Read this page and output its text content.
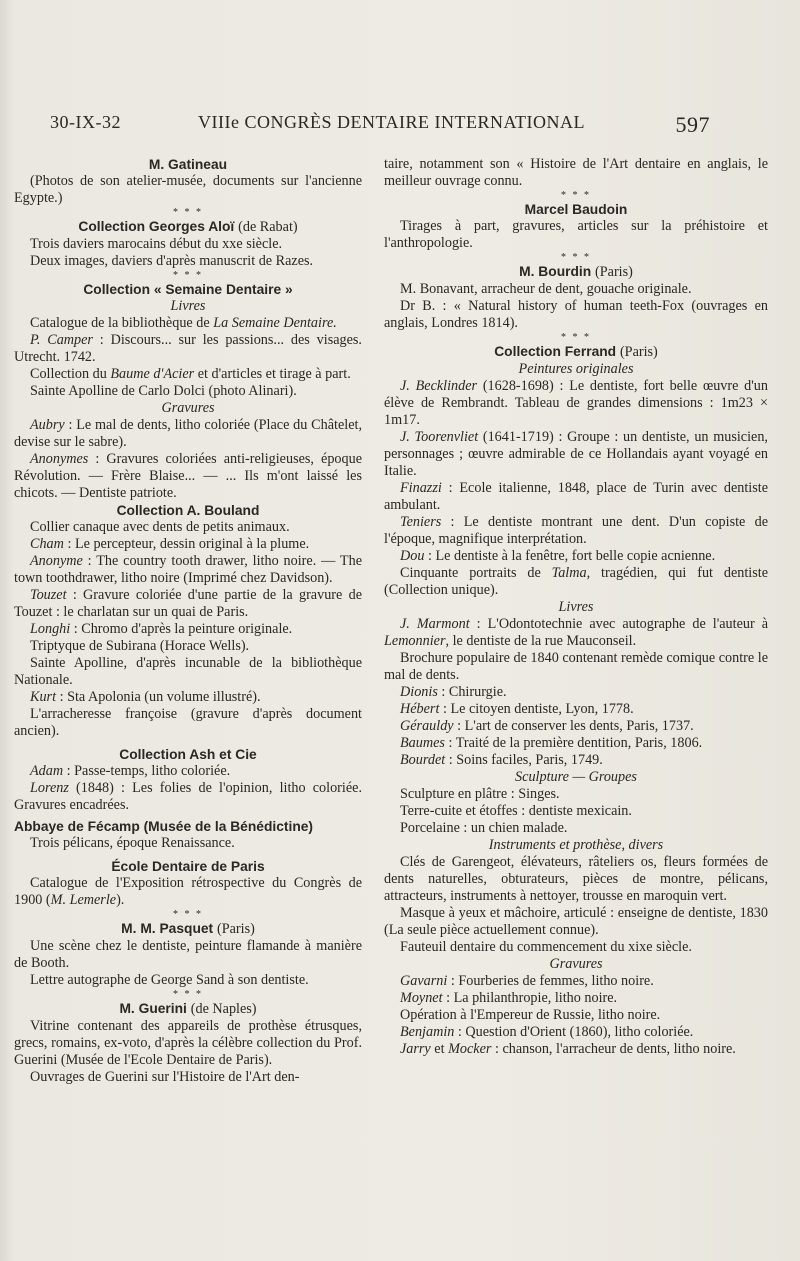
30-IX-32	VIIIe CONGRÈS DENTAIRE INTERNATIONAL	597

M. Gatineau

(Photos de son atelier-musée, documents sur l'ancienne Egypte.)

* * *

Collection Georges Aloï (de Rabat)

Trois daviers marocains début du xxe siècle.

Deux images, daviers d'après manuscrit de Razes.

* * *

Collection « Semaine Dentaire »

Livres

Catalogue de la bibliothèque de La Semaine Dentaire.

P. Camper : Discours... sur les passions... des visages. Utrecht. 1742.

Collection du Baume d'Acier et d'articles et tirage à part.

Sainte Apolline de Carlo Dolci (photo Alinari).

Gravures

Aubry : Le mal de dents, litho coloriée (Place du Châtelet, devise sur le sabre).

Anonymes : Gravures coloriées anti-religieuses, époque Révolution. — Frère Blaise... — ... Ils m'ont laissé les chicots. — Dentiste patriote.

Collection A. Bouland

Collier canaque avec dents de petits animaux.

Cham : Le percepteur, dessin original à la plume.

Anonyme : The country tooth drawer, litho noire. — The town toothdrawer, litho noire (Imprimé chez Davidson).

Touzet : Gravure coloriée d'une partie de la gravure de Touzet : le charlatan sur un quai de Paris.

Longhi : Chromo d'après la peinture originale.

Triptyque de Subirana (Horace Wells).

Sainte Apolline, d'après incunable de la bibliothèque Nationale.

Kurt : Sta Apolonia (un volume illustré).

L'arracheresse françoise (gravure d'après document ancien).

Collection Ash et Cie

Adam : Passe-temps, litho coloriée.

Lorenz (1848) : Les folies de l'opinion, litho coloriée. Gravures encadrées.

Abbaye de Fécamp (Musée de la Bénédictine)

Trois pélicans, époque Renaissance.

École Dentaire de Paris

Catalogue de l'Exposition rétrospective du Congrès de 1900 (M. Lemerle).

* * *

M. M. Pasquet (Paris)

Une scène chez le dentiste, peinture flamande à manière de Booth.

Lettre autographe de George Sand à son dentiste.

* * *

M. Guerini (de Naples)

Vitrine contenant des appareils de prothèse étrusques, grecs, romains, ex-voto, d'après la célèbre collection du Prof. Guerini (Musée de l'Ecole Dentaire de Paris).

Ouvrages de Guerini sur l'Histoire de l'Art den-

taire, notamment son « Histoire de l'Art dentaire en anglais, le meilleur ouvrage connu.

* * *

Marcel Baudoin

Tirages à part, gravures, articles sur la préhistoire et l'anthropologie.

* * *

M. Bourdin (Paris)

M. Bonavant, arracheur de dent, gouache originale.

Dr B. : « Natural history of human teeth-Fox (ouvrages en anglais, Londres 1814).

* * *

Collection Ferrand (Paris)

Peintures originales

J. Becklinder (1628-1698) : Le dentiste, fort belle œuvre d'un élève de Rembrandt. Tableau de grandes dimensions : 1m23 × 1m17.

J. Toorenvliet (1641-1719) : Groupe : un dentiste, un musicien, personnages ; œuvre admirable de ce Hollandais ayant voyagé en Italie.

Finazzi : Ecole italienne, 1848, place de Turin avec dentiste ambulant.

Teniers : Le dentiste montrant une dent. D'un copiste de l'époque, magnifique interprétation.

Dou : Le dentiste à la fenêtre, fort belle copie acnienne.

Cinquante portraits de Talma, tragédien, qui fut dentiste (Collection unique).

Livres

J. Marmont : L'Odontotechnie avec autographe de l'auteur à Lemonnier, le dentiste de la rue Mauconseil.

Brochure populaire de 1840 contenant remède comique contre le mal de dents.

Dionis : Chirurgie.

Hébert : Le citoyen dentiste, Lyon, 1778.

Gérauldy : L'art de conserver les dents, Paris, 1737.

Baumes : Traité de la première dentition, Paris, 1806.

Bourdet : Soins faciles, Paris, 1749.

Sculpture — Groupes

Sculpture en plâtre : Singes.

Terre-cuite et étoffes : dentiste mexicain.

Porcelaine : un chien malade.

Instruments et prothèse, divers

Clés de Garengeot, élévateurs, râteliers os, fleurs formées de dents naturelles, obturateurs, pièces de montre, pélicans, attracteurs, instruments à nettoyer, trousse en maroquin vert.

Masque à yeux et mâchoire, articulé : enseigne de dentiste, 1830 (La seule pièce actuellement connue).

Fauteuil dentaire du commencement du xixe siècle.

Gravures

Gavarni : Fourberies de femmes, litho noire.

Moynet : La philanthropie, litho noire.

Opération à l'Empereur de Russie, litho noire.

Benjamin : Question d'Orient (1860), litho coloriée.

Jarry et Mocker : chanson, l'arracheur de dents, litho noire.
